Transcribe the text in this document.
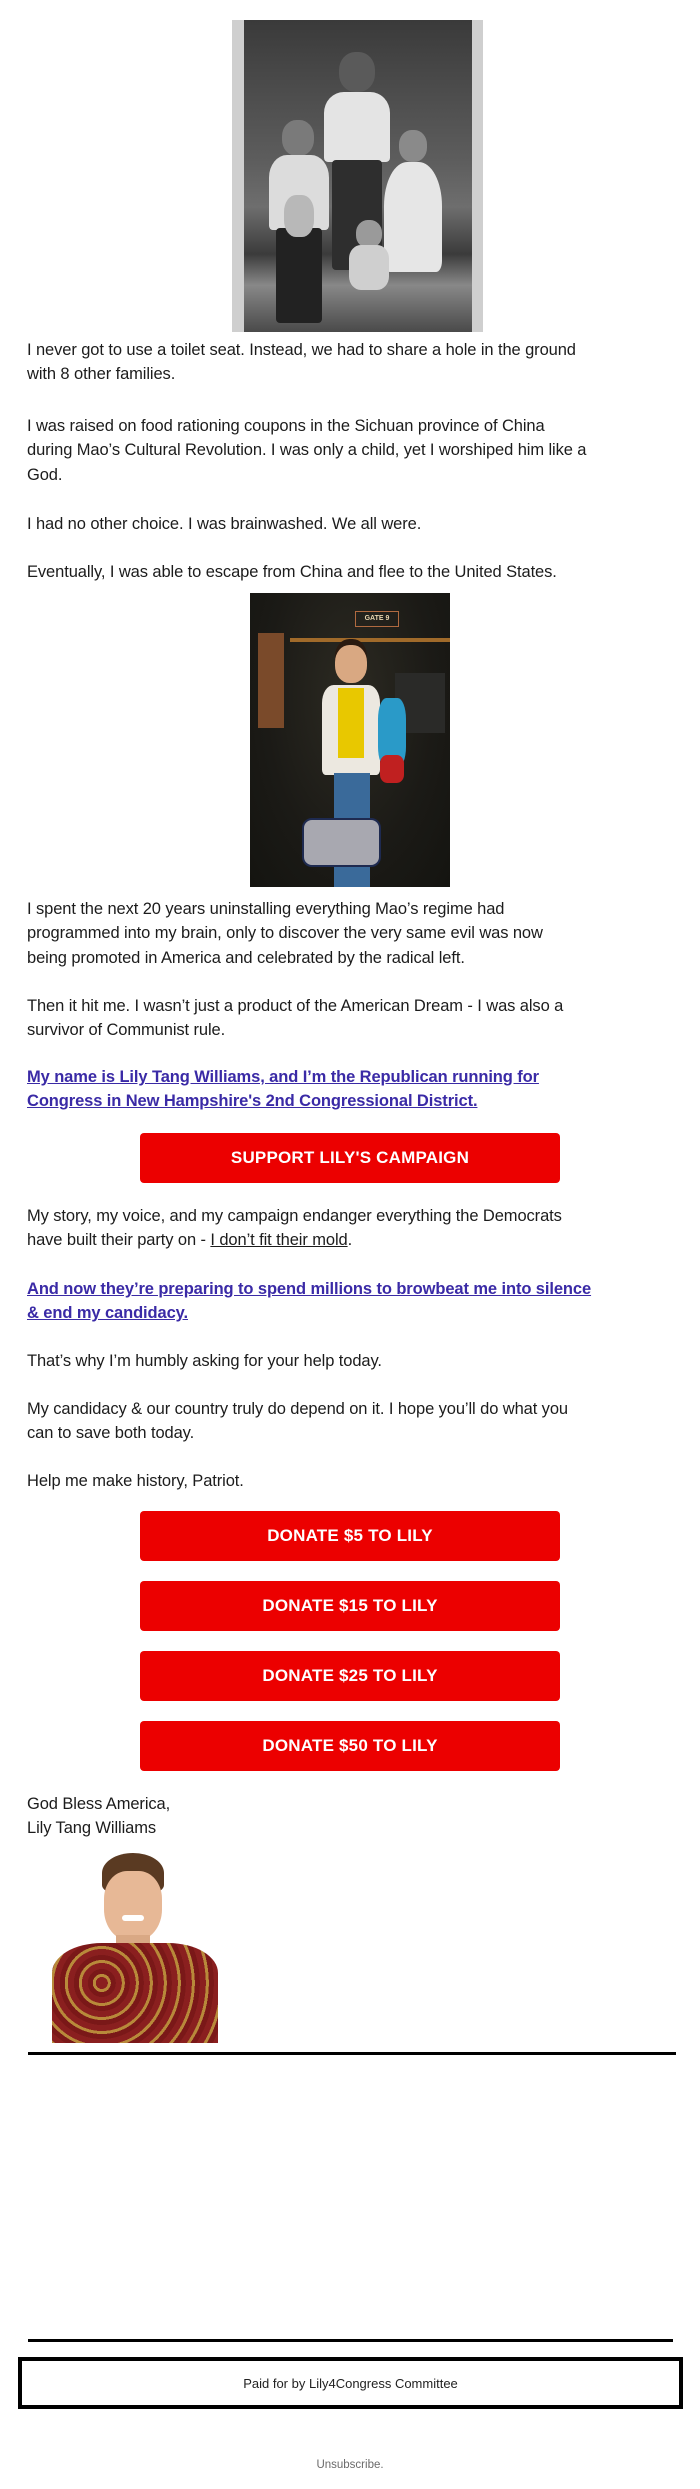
I never got to use a toilet seat. Instead, we had to share a hole in the ground
with 8 other families.
I was raised on food rationing coupons in the Sichuan province of China
during Mao’s Cultural Revolution. I was only a child, yet I worshiped him like a
God.
I had no other choice. I was brainwashed. We all were.
Eventually, I was able to escape from China and flee to the United States.
GATE 9
I spent the next 20 years uninstalling everything Mao’s regime had
programmed into my brain, only to discover the very same evil was now
being promoted in America and celebrated by the radical left.
Then it hit me. I wasn’t just a product of the American Dream - I was also a
survivor of Communist rule.
My name is Lily Tang Williams, and I’m the Republican running for
Congress in New Hampshire's 2nd Congressional District.
SUPPORT LILY'S CAMPAIGN
My story, my voice, and my campaign endanger everything the Democrats
have built their party on - I don’t fit their mold.
And now they’re preparing to spend millions to browbeat me into silence
& end my candidacy.
That’s why I’m humbly asking for your help today.
My candidacy & our country truly do depend on it. I hope you’ll do what you
can to save both today.
Help me make history, Patriot.
DONATE $5 TO LILY
DONATE $15 TO LILY
DONATE $25 TO LILY
DONATE $50 TO LILY
God Bless America,
Lily Tang Williams
Paid for by Lily4Congress Committee
Unsubscribe.
